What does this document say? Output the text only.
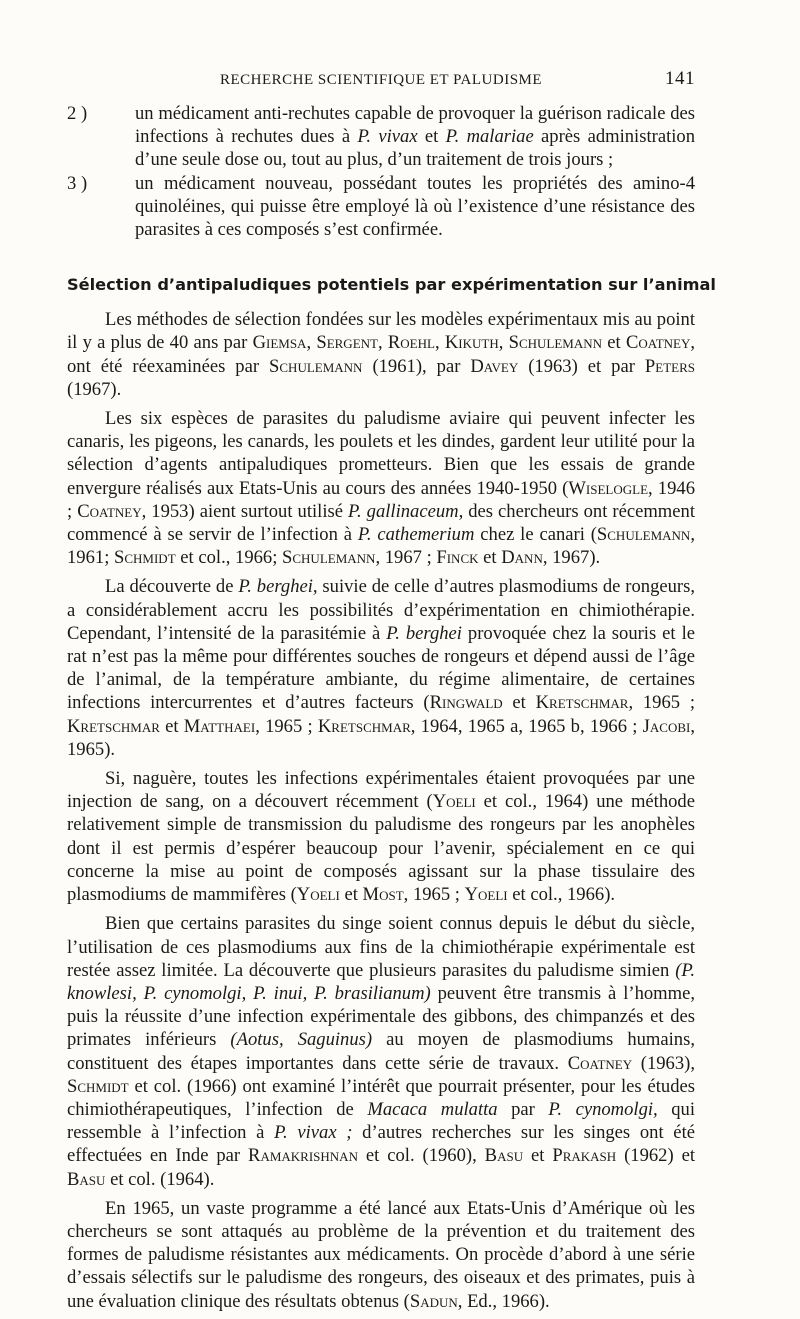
RECHERCHE SCIENTIFIQUE ET PALUDISME	141
2 )	un médicament anti-rechutes capable de provoquer la guérison radicale des infections à rechutes dues à P. vivax et P. malariae après administration d’une seule dose ou, tout au plus, d’un traitement de trois jours ;
3 )	un médicament nouveau, possédant toutes les propriétés des amino-4 quinoléines, qui puisse être employé là où l’existence d’une résistance des parasites à ces composés s’est confirmée.
Sélection d’antipaludiques potentiels par expérimentation sur l’animal

Les méthodes de sélection fondées sur les modèles expérimentaux mis au point il y a plus de 40 ans par Giemsa, Sergent, Roehl, Kikuth, Schulemann et Coatney, ont été réexaminées par Schulemann (1961), par Davey (1963) et par Peters (1967).

Les six espèces de parasites du paludisme aviaire qui peuvent infecter les canaris, les pigeons, les canards, les poulets et les dindes, gardent leur utilité pour la sélection d’agents antipaludiques prometteurs. Bien que les essais de grande envergure réalisés aux Etats-Unis au cours des années 1940-1950 (Wiselogle, 1946 ; Coatney, 1953) aient surtout utilisé P. gallinaceum, des chercheurs ont récemment commencé à se servir de l’infection à P. cathemerium chez le canari (Schulemann, 1961; Schmidt et col., 1966; Schulemann, 1967 ; Finck et Dann, 1967).

La découverte de P. berghei, suivie de celle d’autres plasmodiums de rongeurs, a considérablement accru les possibilités d’expérimentation en chimiothérapie. Cependant, l’intensité de la parasitémie à P. berghei provoquée chez la souris et le rat n’est pas la même pour différentes souches de rongeurs et dépend aussi de l’âge de l’animal, de la température ambiante, du régime alimentaire, de certaines infections intercurrentes et d’autres facteurs (Ringwald et Kretschmar, 1965 ; Kretschmar et Matthaei, 1965 ; Kretschmar, 1964, 1965 a, 1965 b, 1966 ; Jacobi, 1965).

Si, naguère, toutes les infections expérimentales étaient provoquées par une injection de sang, on a découvert récemment (Yoeli et col., 1964) une méthode relativement simple de transmission du paludisme des rongeurs par les anophèles dont il est permis d’espérer beaucoup pour l’avenir, spécialement en ce qui concerne la mise au point de composés agissant sur la phase tissulaire des plasmodiums de mammifères (Yoeli et Most, 1965 ; Yoeli et col., 1966).

Bien que certains parasites du singe soient connus depuis le début du siècle, l’utilisation de ces plasmodiums aux fins de la chimiothérapie expérimentale est restée assez limitée. La découverte que plusieurs parasites du paludisme simien (P. knowlesi, P. cynomolgi, P. inui, P. brasilianum) peuvent être transmis à l’homme, puis la réussite d’une infection expérimentale des gibbons, des chimpanzés et des primates inférieurs (Aotus, Saguinus) au moyen de plasmodiums humains, constituent des étapes importantes dans cette série de travaux. Coatney (1963), Schmidt et col. (1966) ont examiné l’intérêt que pourrait présenter, pour les études chimiothérapeutiques, l’infection de Macaca mulatta par P. cynomolgi, qui ressemble à l’infection à P. vivax ; d’autres recherches sur les singes ont été effectuées en Inde par Ramakrishnan et col. (1960), Basu et Prakash (1962) et Basu et col. (1964).

En 1965, un vaste programme a été lancé aux Etats-Unis d’Amérique où les chercheurs se sont attaqués au problème de la prévention et du traitement des formes de paludisme résistantes aux médicaments. On procède d’abord à une série d’essais sélectifs sur le paludisme des rongeurs, des oiseaux et des primates, puis à une évaluation clinique des résultats obtenus (Sadun, Ed., 1966).
